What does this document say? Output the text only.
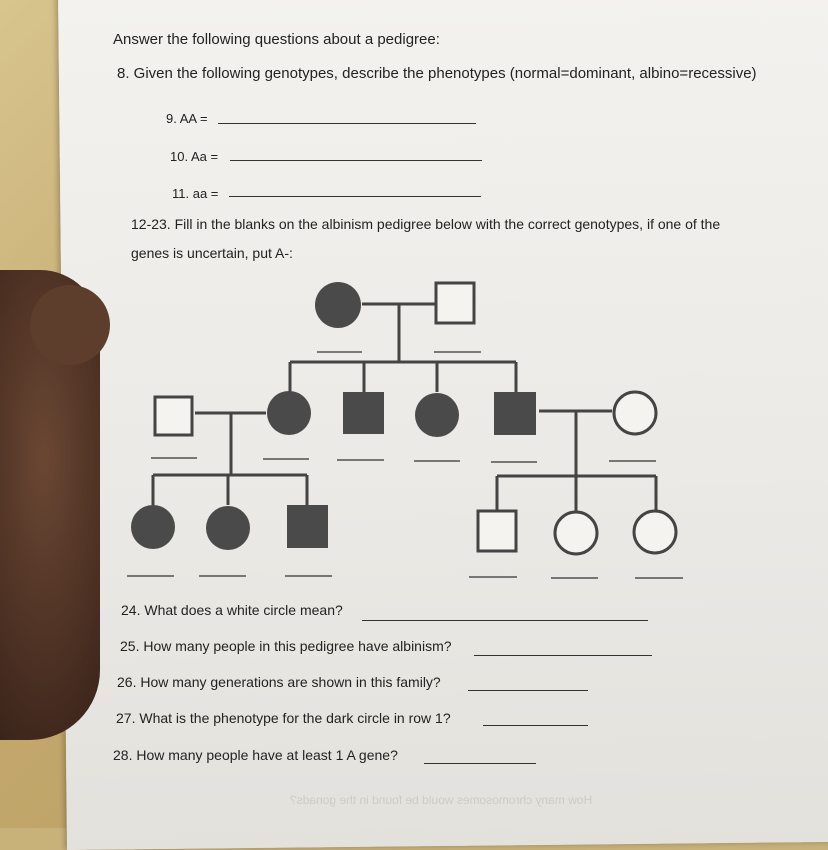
Answer the following questions about a pedigree:
8. Given the following genotypes, describe the phenotypes (normal=dominant, albino=recessive)
9. AA =
10. Aa =
11. aa =
12-23. Fill in the blanks on the albinism pedigree below with the correct genotypes, if one of the
genes is uncertain, put A-:
24. What does a white circle mean?
25. How many people in this pedigree have albinism?
26. How many generations are shown in this family?
27. What is the phenotype for the dark circle in row 1?
28. How many people have at least 1 A gene?
How many chromosomes would be found in the gonads?
